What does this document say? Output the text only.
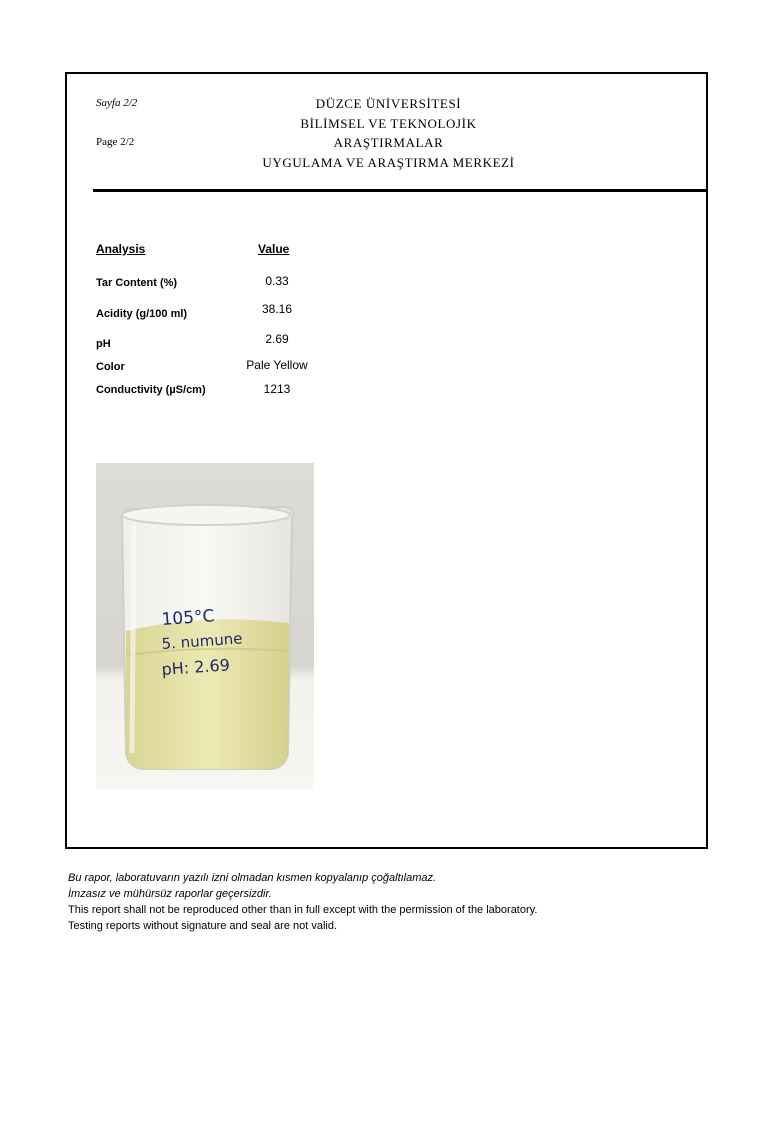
Sayfa 2/2
Page 2/2
DÜZCE ÜNİVERSİTESİ
BİLİMSEL VE TEKNOLOJİK
ARAŞTIRMALAR
UYGULAMA VE ARAŞTIRMA MERKEZİ
Analysis	Value
Tar Content (%)	0.33
Acidity (g/100 ml)	38.16
pH	2.69
Color	Pale Yellow
Conductivity (µS/cm)	1213
105°C
5. numune
pH: 2.69
Bu rapor, laboratuvarın yazılı izni olmadan kısmen kopyalanıp çoğaltılamaz.
İmzasız ve mühürsüz raporlar geçersizdir.
This report shall not be reproduced other than in full except with the permission of the laboratory.
Testing reports without signature and seal are not valid.
